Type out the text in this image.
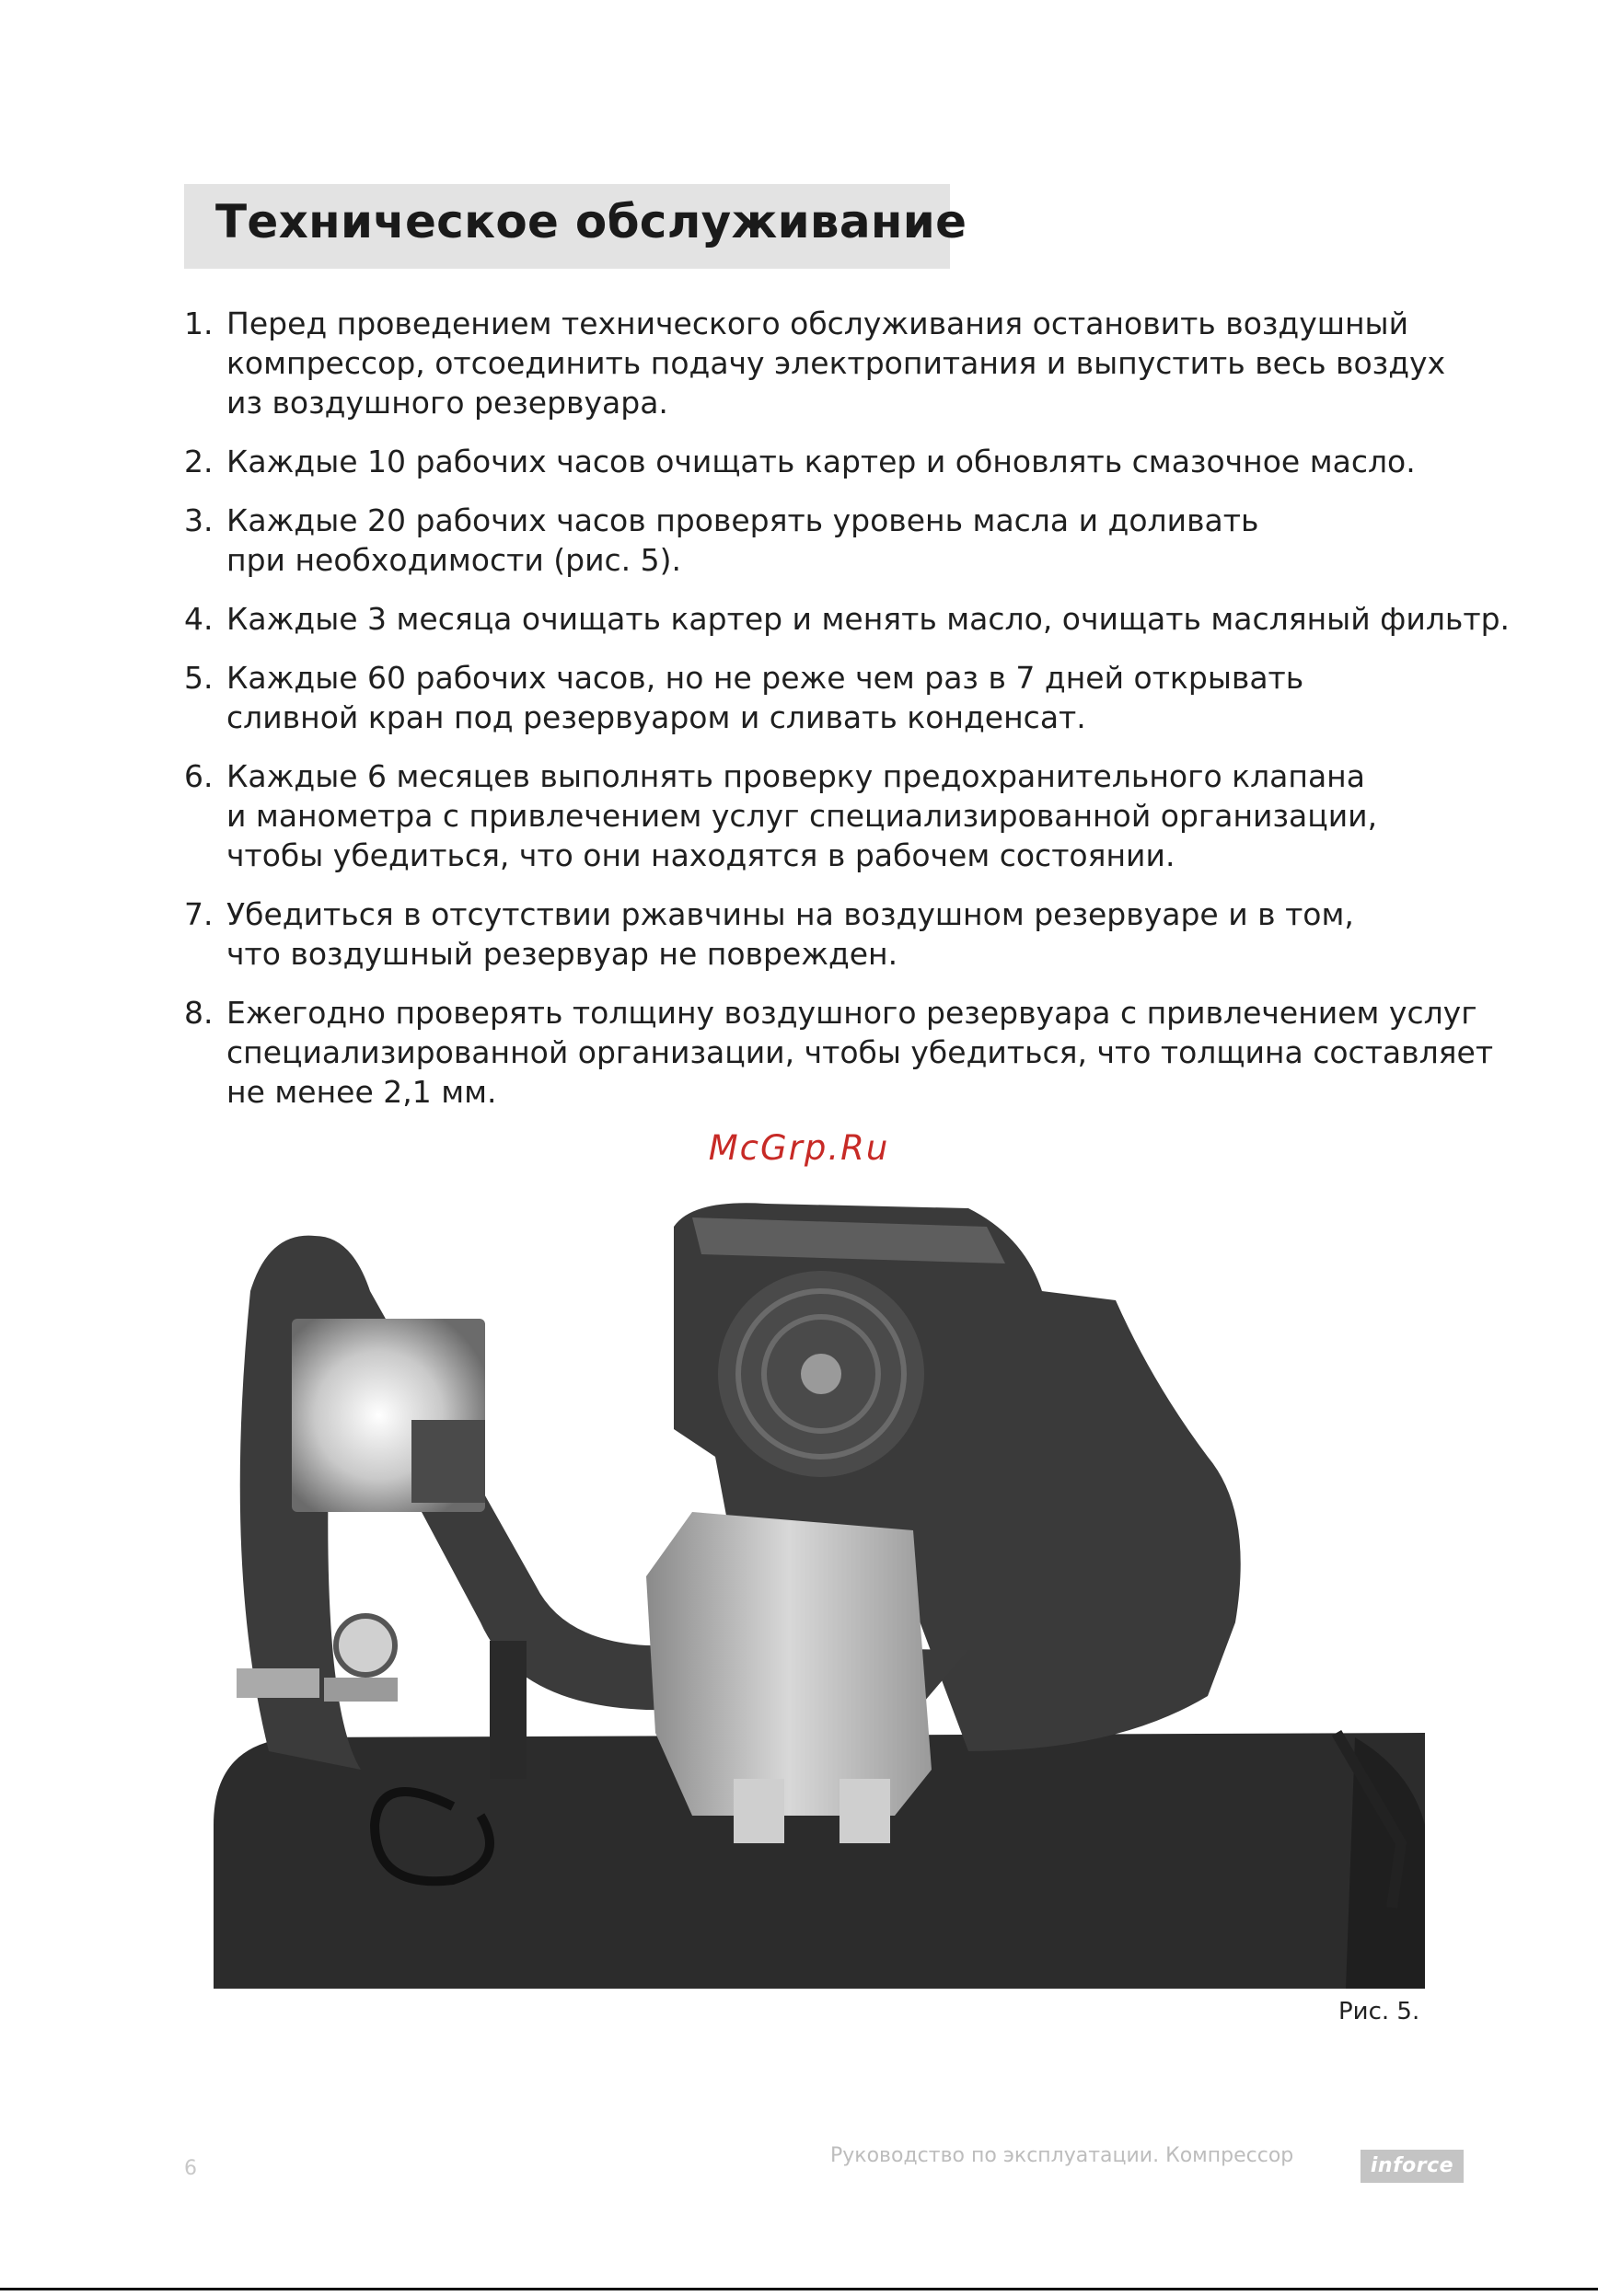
Техническое обслуживание
1. Перед проведением технического обслуживания остановить воздушный
компрессор, отсоединить подачу электропитания и выпустить весь воздух
из воздушного резервуара.
2. Каждые 10 рабочих часов очищать картер и обновлять смазочное масло.
3. Каждые 20 рабочих часов проверять уровень масла и доливать
при необходимости (рис. 5).
4. Каждые 3 месяца очищать картер и менять масло, очищать масляный фильтр.
5. Каждые 60 рабочих часов, но не реже чем раз в 7 дней открывать
сливной кран под резервуаром и сливать конденсат.
6. Каждые 6 месяцев выполнять проверку предохранительного клапана
и манометра с привлечением услуг специализированной организации,
чтобы убедиться, что они находятся в рабочем состоянии.
7. Убедиться в отсутствии ржавчины на воздушном резервуаре и в том,
что воздушный резервуар не поврежден.
8. Ежегодно проверять толщину воздушного резервуара с привлечением услуг
специализированной организации, чтобы убедиться, что толщина составляет
не менее 2,1 мм.
McGrp.Ru
Рис. 5.
6
Руководство по эксплуатации. Компрессор	inforce
